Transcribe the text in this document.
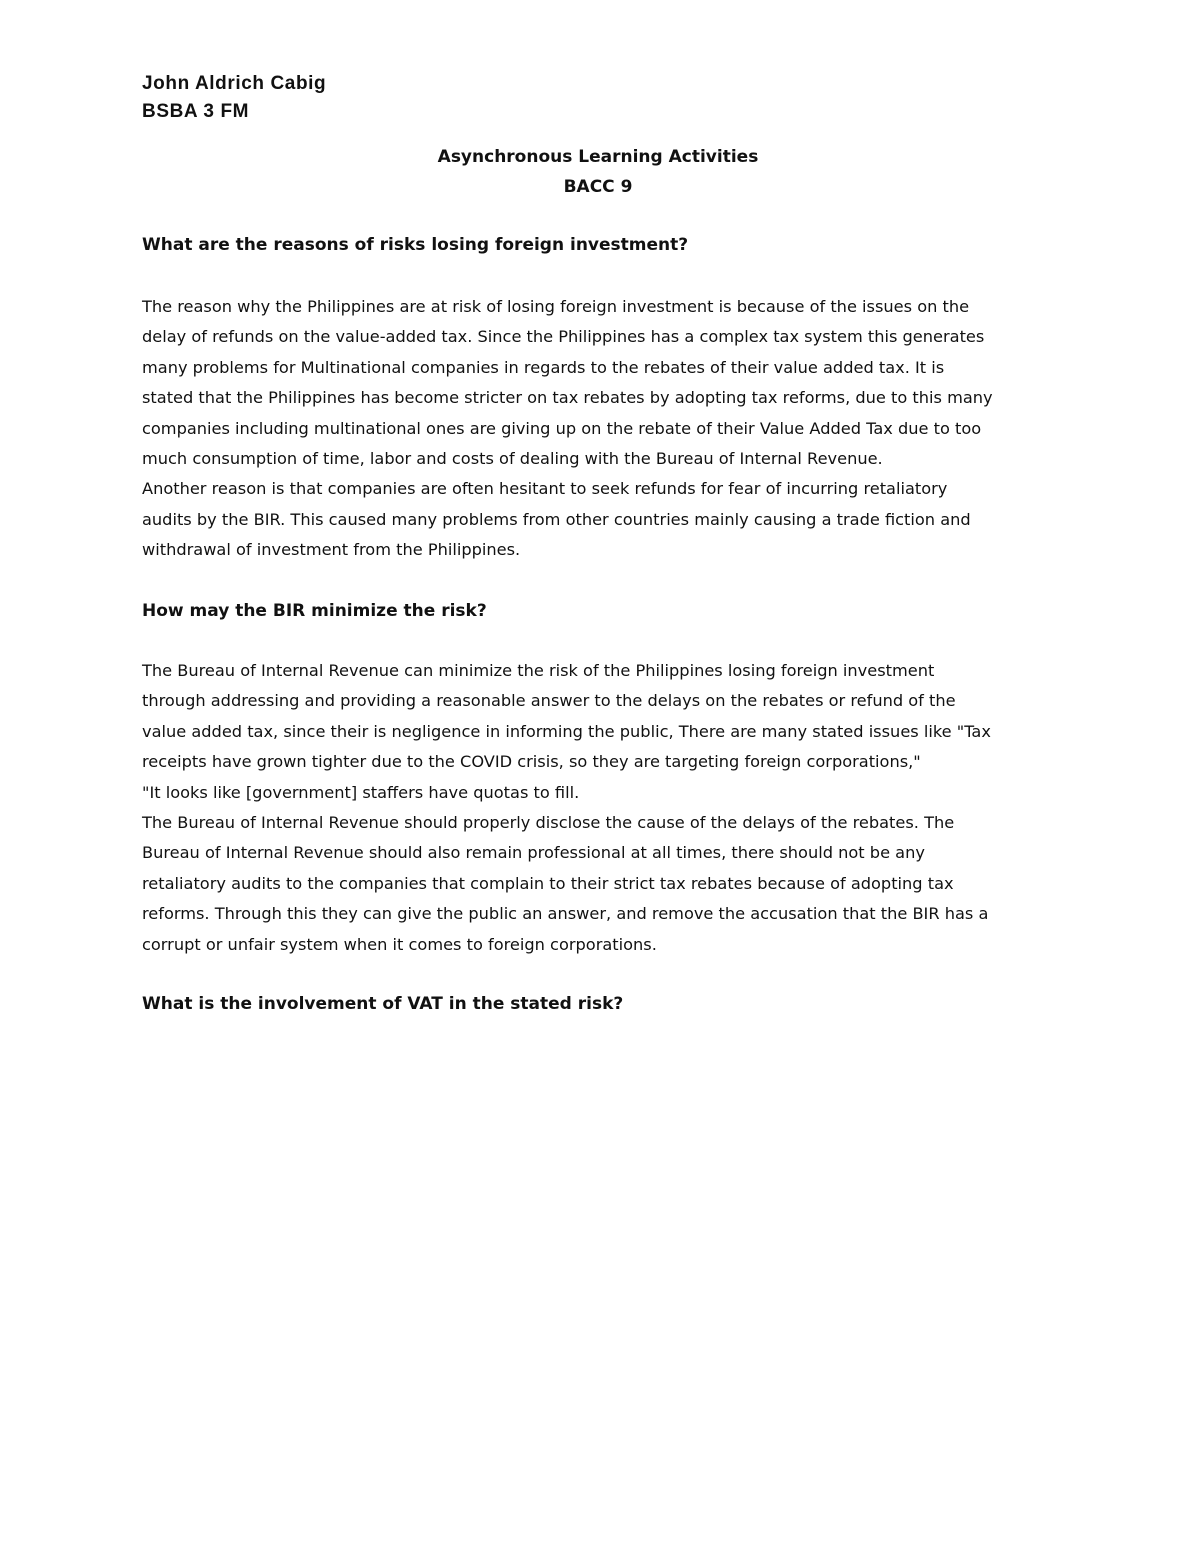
John Aldrich Cabig
BSBA 3 FM
Asynchronous Learning Activities
BACC 9
What are the reasons of risks losing foreign investment?
The reason why the Philippines are at risk of losing foreign investment is because of the issues on the
delay of refunds on the value-added tax. Since the Philippines has a complex tax system this generates
many problems for Multinational companies in regards to the rebates of their value added tax. It is
stated that the Philippines has become stricter on tax rebates by adopting tax reforms, due to this many
companies including multinational ones are giving up on the rebate of their Value Added Tax due to too
much consumption of time, labor and costs of dealing with the Bureau of Internal Revenue.
Another reason is that companies are often hesitant to seek refunds for fear of incurring retaliatory
audits by the BIR. This caused many problems from other countries mainly causing a trade fiction and
withdrawal of investment from the Philippines.
How may the BIR minimize the risk?
The Bureau of Internal Revenue can minimize the risk of the Philippines losing foreign investment
through addressing and providing a reasonable answer to the delays on the rebates or refund of the
value added tax, since their is negligence in informing the public, There are many stated issues like "Tax
receipts have grown tighter due to the COVID crisis, so they are targeting foreign corporations,"
"It looks like [government] staffers have quotas to fill.
The Bureau of Internal Revenue should properly disclose the cause of the delays of the rebates. The
Bureau of Internal Revenue should also remain professional at all times, there should not be any
retaliatory audits to the companies that complain to their strict tax rebates because of adopting tax
reforms. Through this they can give the public an answer, and remove the accusation that the BIR has a
corrupt or unfair system when it comes to foreign corporations.
What is the involvement of VAT in the stated risk?
